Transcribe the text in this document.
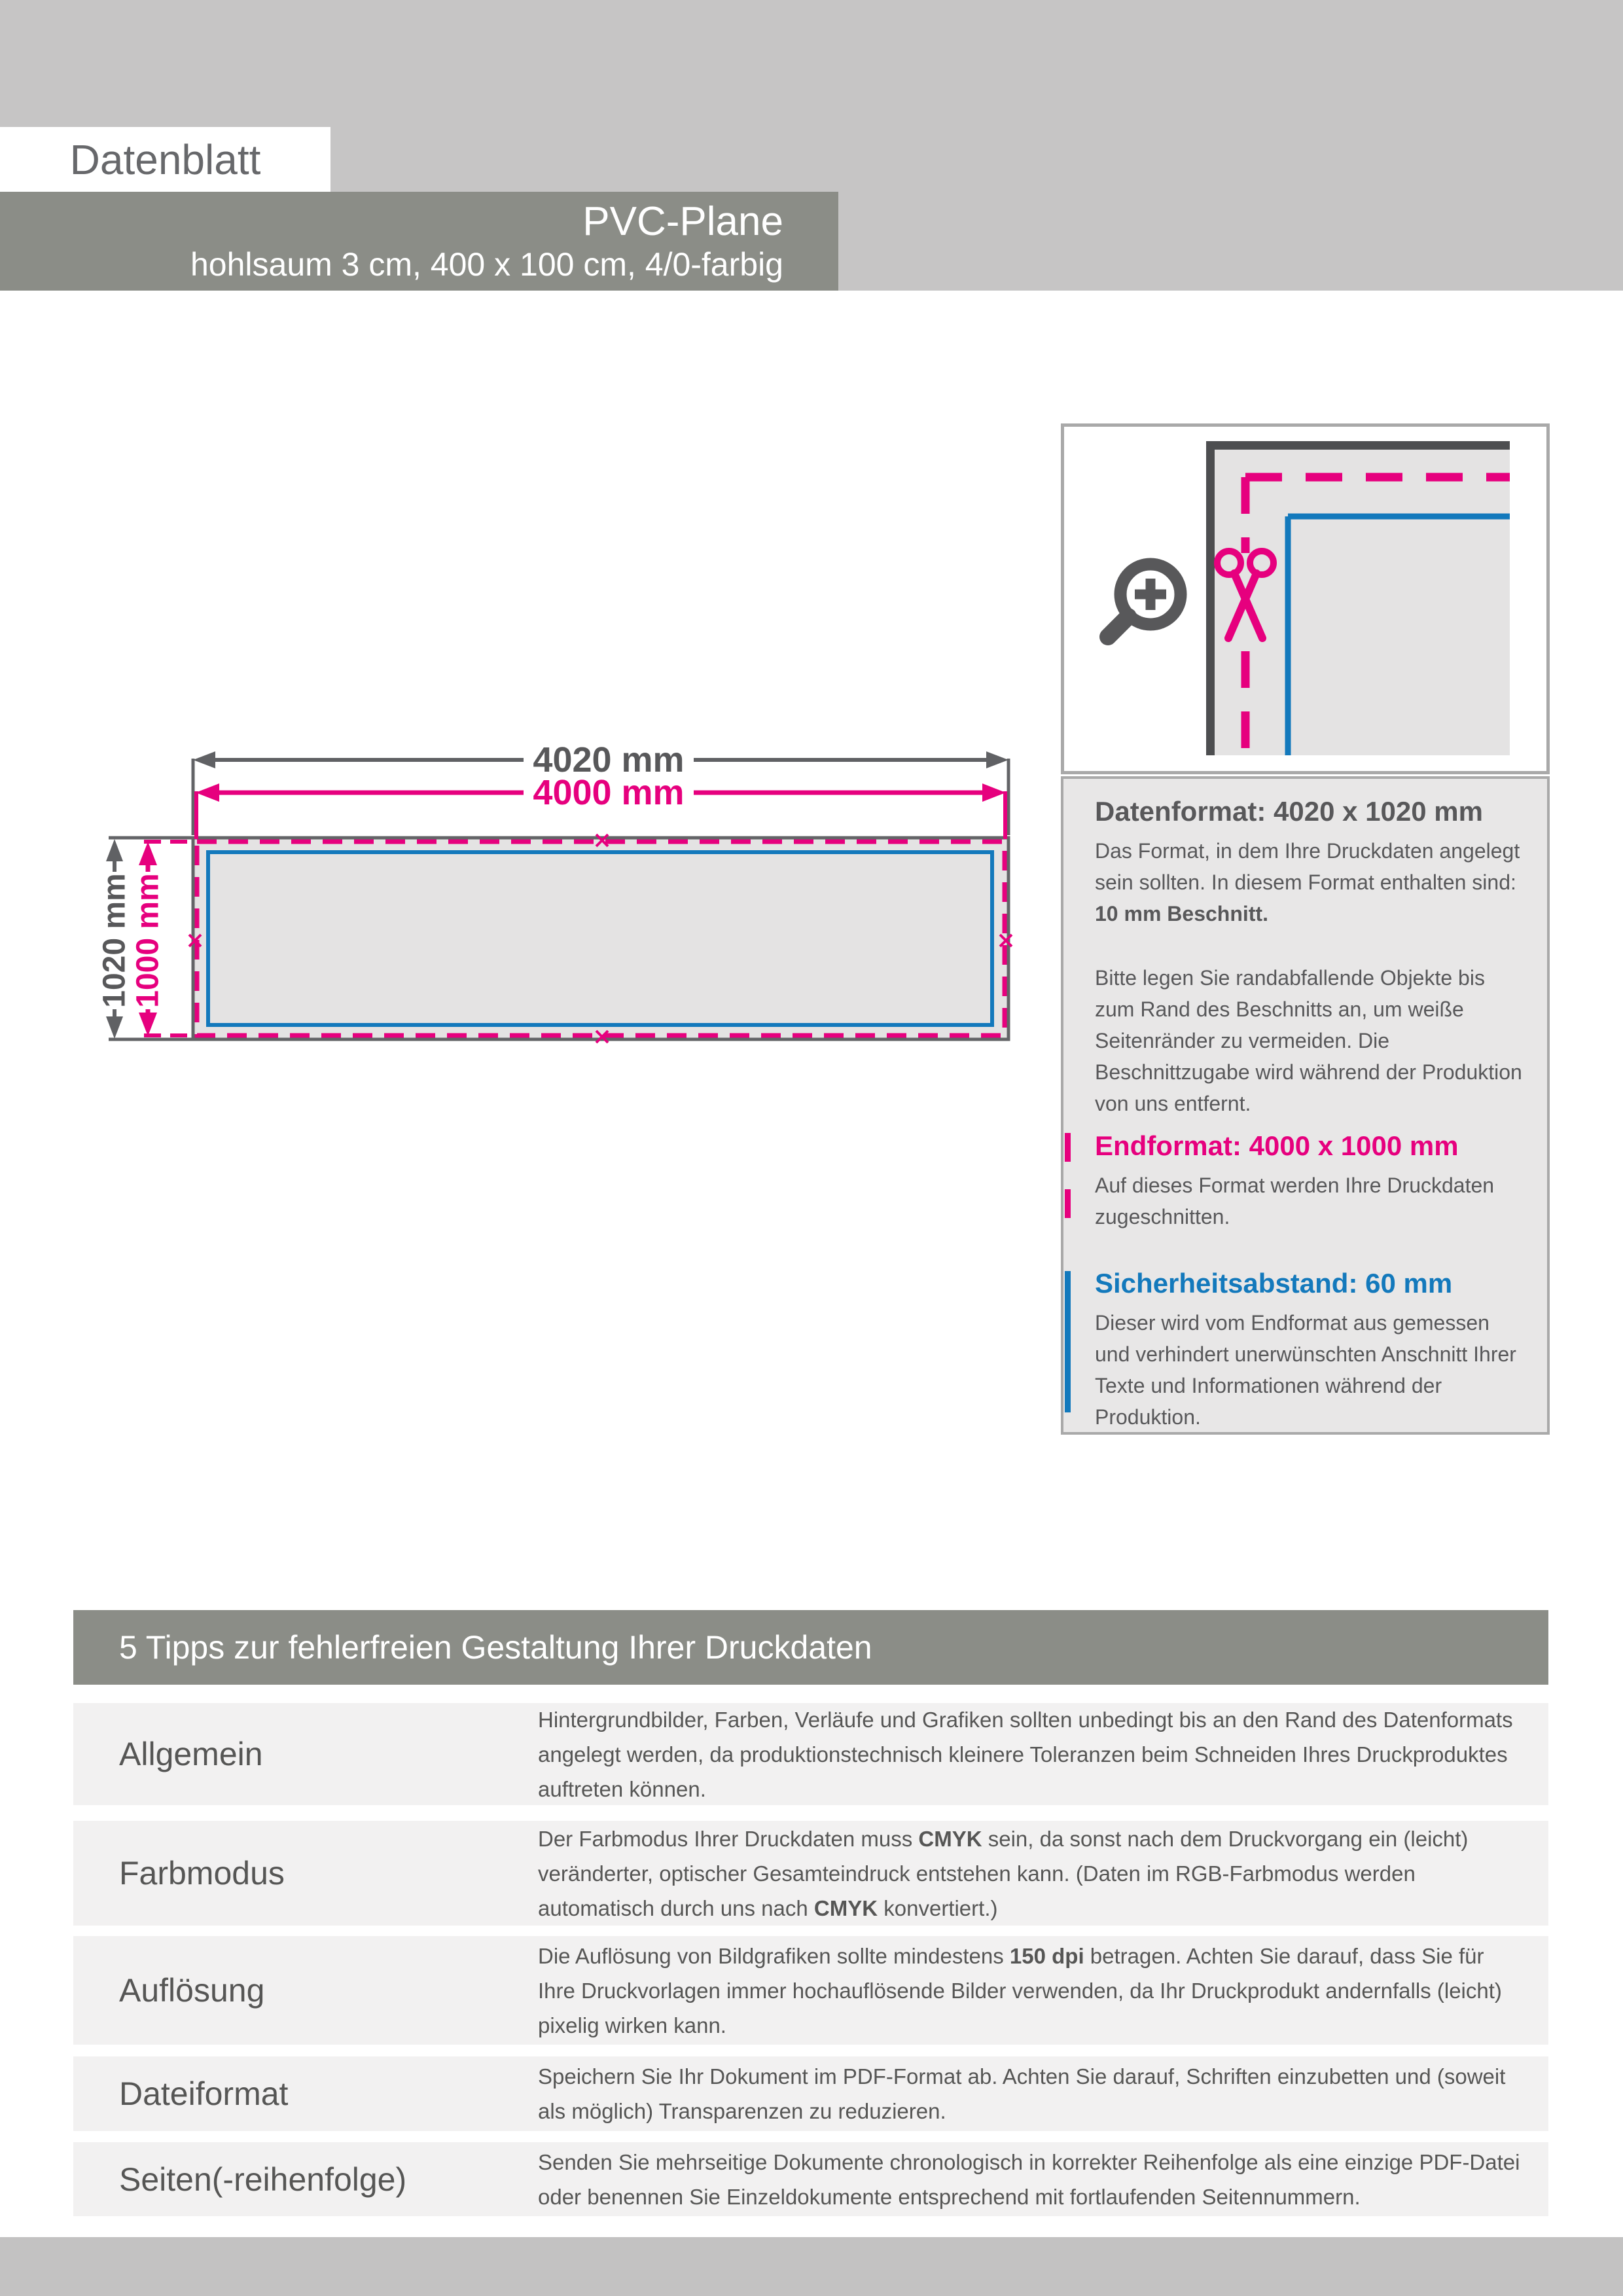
Datenblatt
PVC-Plane
hohlsaum 3 cm, 400 x 100 cm, 4/0-farbig

Datenformat: 4020 x 1020 mm

Das Format, in dem Ihre Druckdaten angelegt sein sollten. In diesem Format enthalten sind: 10 mm Beschnitt.

Bitte legen Sie randabfallende Objekte bis zum Rand des Beschnitts an, um weiße Seitenränder zu vermeiden. Die Beschnittzugabe wird während der Produktion von uns entfernt.

Endformat: 4000 x 1000 mm

Auf dieses Format werden Ihre Druckdaten zugeschnitten.

Sicherheitsabstand: 60 mm

Dieser wird vom Endformat aus gemessen und verhindert unerwünschten Anschnitt Ihrer Texte und Informationen während der Produktion.

4020 mm
4000 mm
1020 mm
1000 mm
5 Tipps zur fehlerfreien Gestaltung Ihrer Druckdaten
Allgemein
Hintergrundbilder, Farben, Verläufe und Grafiken sollten unbedingt bis an den Rand des Datenformats angelegt werden, da produktionstechnisch kleinere Toleranzen beim Schneiden Ihres Druckproduktes auftreten können.
Farbmodus
Der Farbmodus Ihrer Druckdaten muss CMYK sein, da sonst nach dem Druckvorgang ein (leicht) veränderter, optischer Gesamteindruck entstehen kann. (Daten im RGB-Farbmodus werden automatisch durch uns nach CMYK konvertiert.)
Auflösung
Die Auflösung von Bildgrafiken sollte mindestens 150 dpi betragen. Achten Sie darauf, dass Sie für Ihre Druckvorlagen immer hochauflösende Bilder verwenden, da Ihr Druckprodukt andernfalls (leicht) pixelig wirken kann.
Dateiformat	Speichern Sie Ihr Dokument im PDF-Format ab. Achten Sie darauf, Schriften einzubetten und (soweit als möglich) Transparenzen zu reduzieren.
Seiten(-reihenfolge)	Senden Sie mehrseitige Dokumente chronologisch in korrekter Reihenfolge als eine einzige PDF-Datei oder benennen Sie Einzeldokumente entsprechend mit fortlaufenden Seitennummern.
